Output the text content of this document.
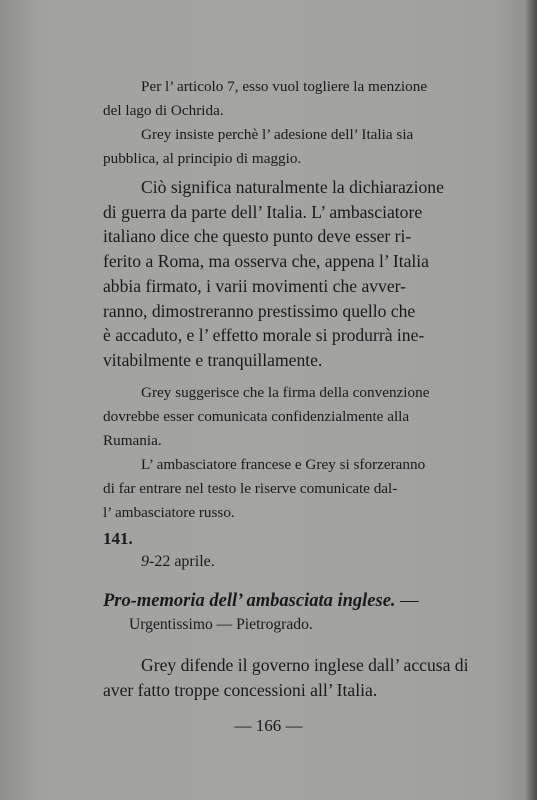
Per l’ articolo 7, esso vuol togliere la menzione
del lago di Ochrida.

Grey insiste perchè l’ adesione dell’ Italia sia
pubblica, al principio di maggio.

Ciò significa naturalmente la dichiarazione
di guerra da parte dell’ Italia. L’ ambasciatore
italiano dice che questo punto deve esser ri-
ferito a Roma, ma osserva che, appena l’ Italia
abbia firmato, i varii movimenti che avver-
ranno, dimostreranno prestissimo quello che
è accaduto, e l’ effetto morale si produrrà ine-
vitabilmente e tranquillamente.

Grey suggerisce che la firma della convenzione
dovrebbe esser comunicata confidenzialmente alla
Rumania.

L’ ambasciatore francese e Grey si sforzeranno
di far entrare nel testo le riserve comunicate dal-
l’ ambasciatore russo.

141.
9-22 aprile.
Pro-memoria dell’ ambasciata inglese. —
Urgentissimo — Pietrogrado.

Grey difende il governo inglese dall’ accusa di
aver fatto troppe concessioni all’ Italia.

— 166 —
